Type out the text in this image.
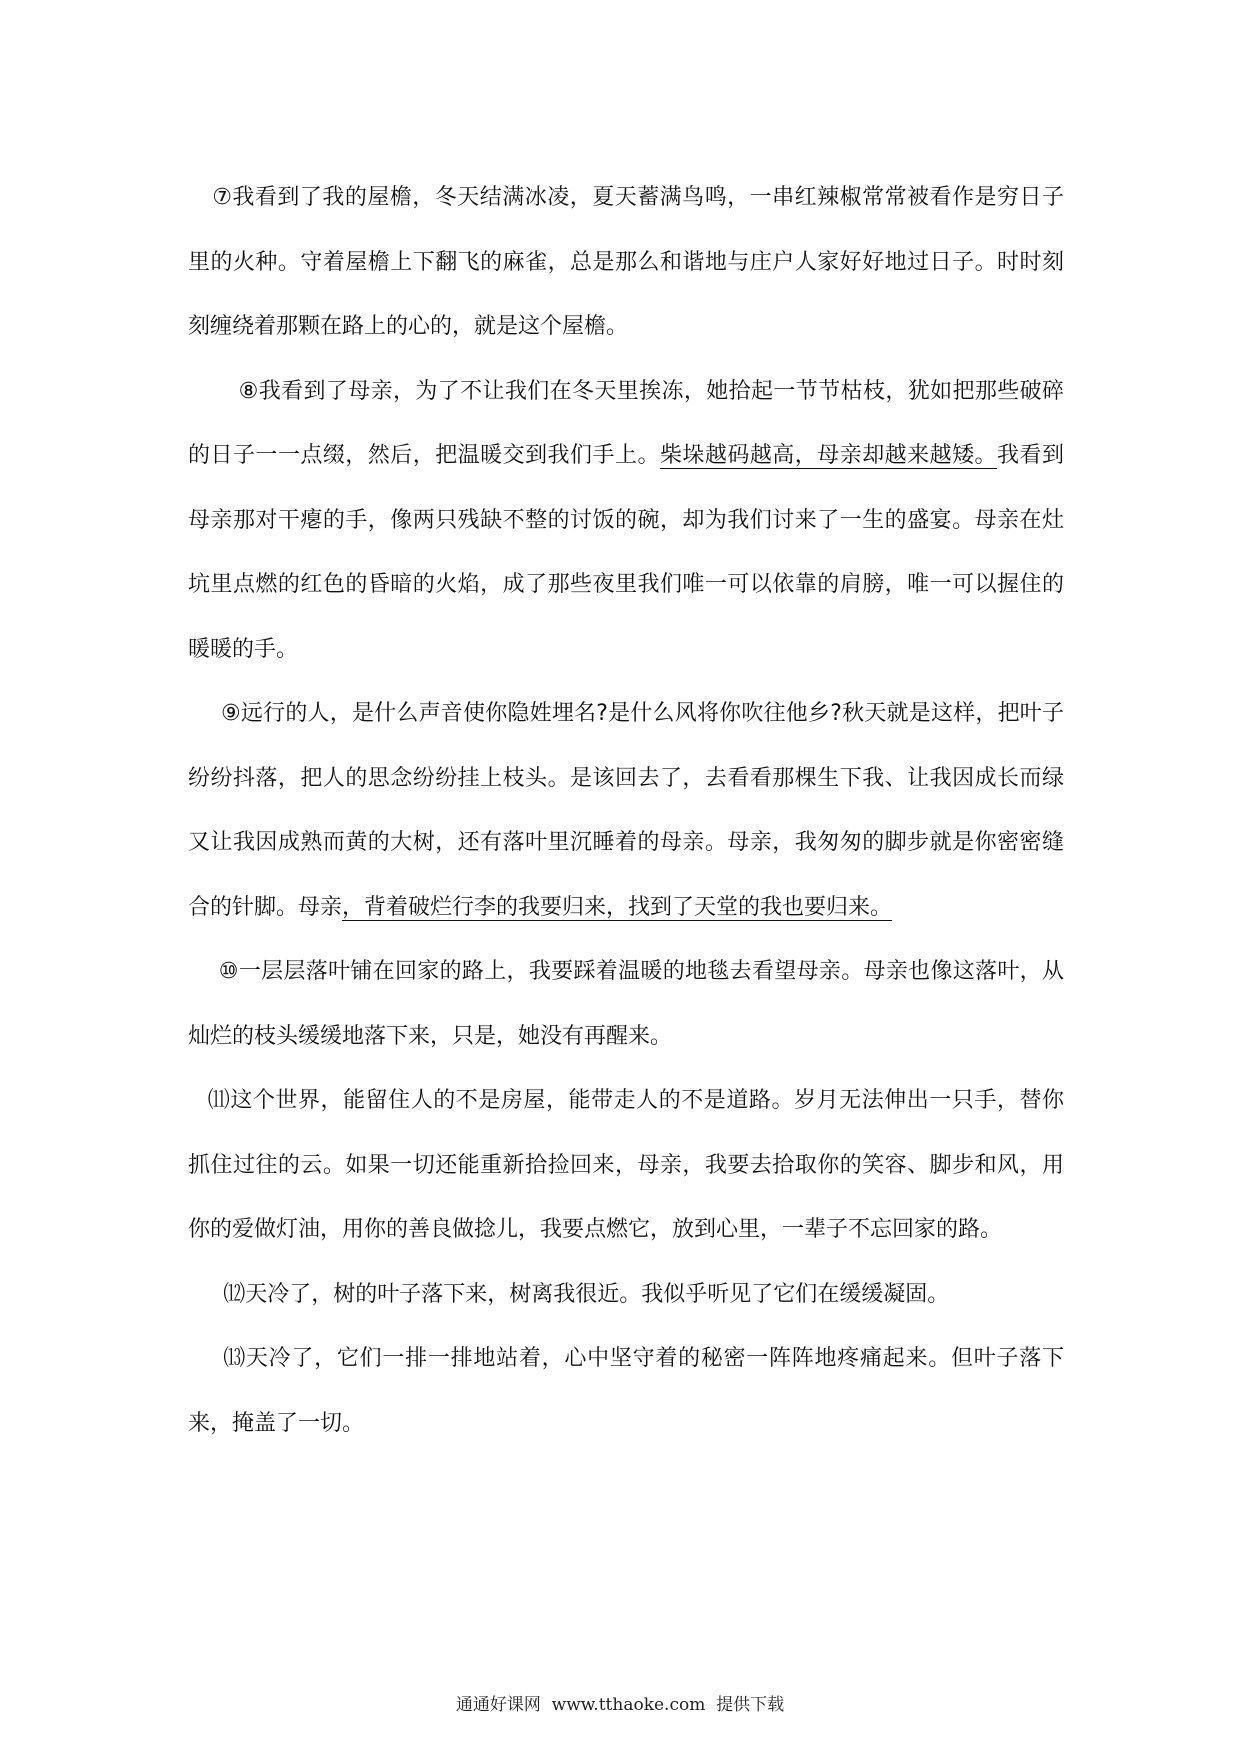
⑦我看到了我的屋檐，冬天结满冰凌，夏天蓄满鸟鸣，一串红辣椒常常被看作是穷日子里的火种。守着屋檐上下翻飞的麻雀，总是那么和谐地与庄户人家好好地过日子。时时刻刻缠绕着那颗在路上的心的，就是这个屋檐。

⑧我看到了母亲，为了不让我们在冬天里挨冻，她拾起一节节枯枝，犹如把那些破碎的日子一一点缀，然后，把温暖交到我们手上。柴垛越码越高，母亲却越来越矮。我看到母亲那对干瘪的手，像两只残缺不整的讨饭的碗，却为我们讨来了一生的盛宴。母亲在灶坑里点燃的红色的昏暗的火焰，成了那些夜里我们唯一可以依靠的肩膀，唯一可以握住的暖暖的手。

⑨远行的人，是什么声音使你隐姓埋名?是什么风将你吹往他乡?秋天就是这样，把叶子纷纷抖落，把人的思念纷纷挂上枝头。是该回去了，去看看那棵生下我、让我因成长而绿又让我因成熟而黄的大树，还有落叶里沉睡着的母亲。母亲，我匆匆的脚步就是你密密缝合的针脚。母亲，背着破烂行李的我要归来，找到了天堂的我也要归来。

⑩一层层落叶铺在回家的路上，我要踩着温暖的地毯去看望母亲。母亲也像这落叶，从灿烂的枝头缓缓地落下来，只是，她没有再醒来。

⑾这个世界，能留住人的不是房屋，能带走人的不是道路。岁月无法伸出一只手，替你抓住过往的云。如果一切还能重新拾捡回来，母亲，我要去拾取你的笑容、脚步和风，用你的爱做灯油，用你的善良做捻儿，我要点燃它，放到心里，一辈子不忘回家的路。

⑿天冷了，树的叶子落下来，树离我很近。我似乎听见了它们在缓缓凝固。

⒀天冷了，它们一排一排地站着，心中坚守着的秘密一阵阵地疼痛起来。但叶子落下来，掩盖了一切。

通通好课网  www.tthaoke.com  提供下载
